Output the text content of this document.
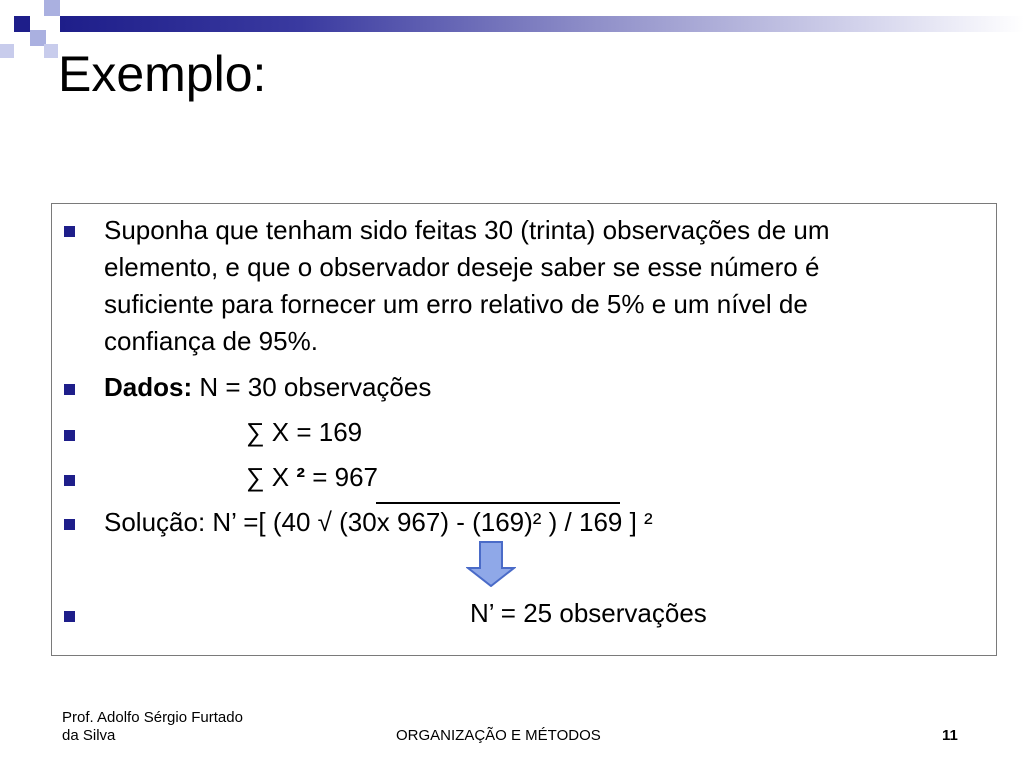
Exemplo:
Suponha que tenham sido feitas 30 (trinta) observações de um
elemento, e que o observador deseje saber se esse número é
suficiente para fornecer um erro relativo de 5% e um nível de
confiança de 95%.
Dados: N = 30 observações
∑ X = 169
∑ X ² = 967
Solução: N’ =[ (40 √ (30x 967) - (169)² ) / 169 ] ²
N’ = 25 observações
Prof. Adolfo Sérgio Furtado
da Silva	ORGANIZAÇÃO E MÉTODOS	11
